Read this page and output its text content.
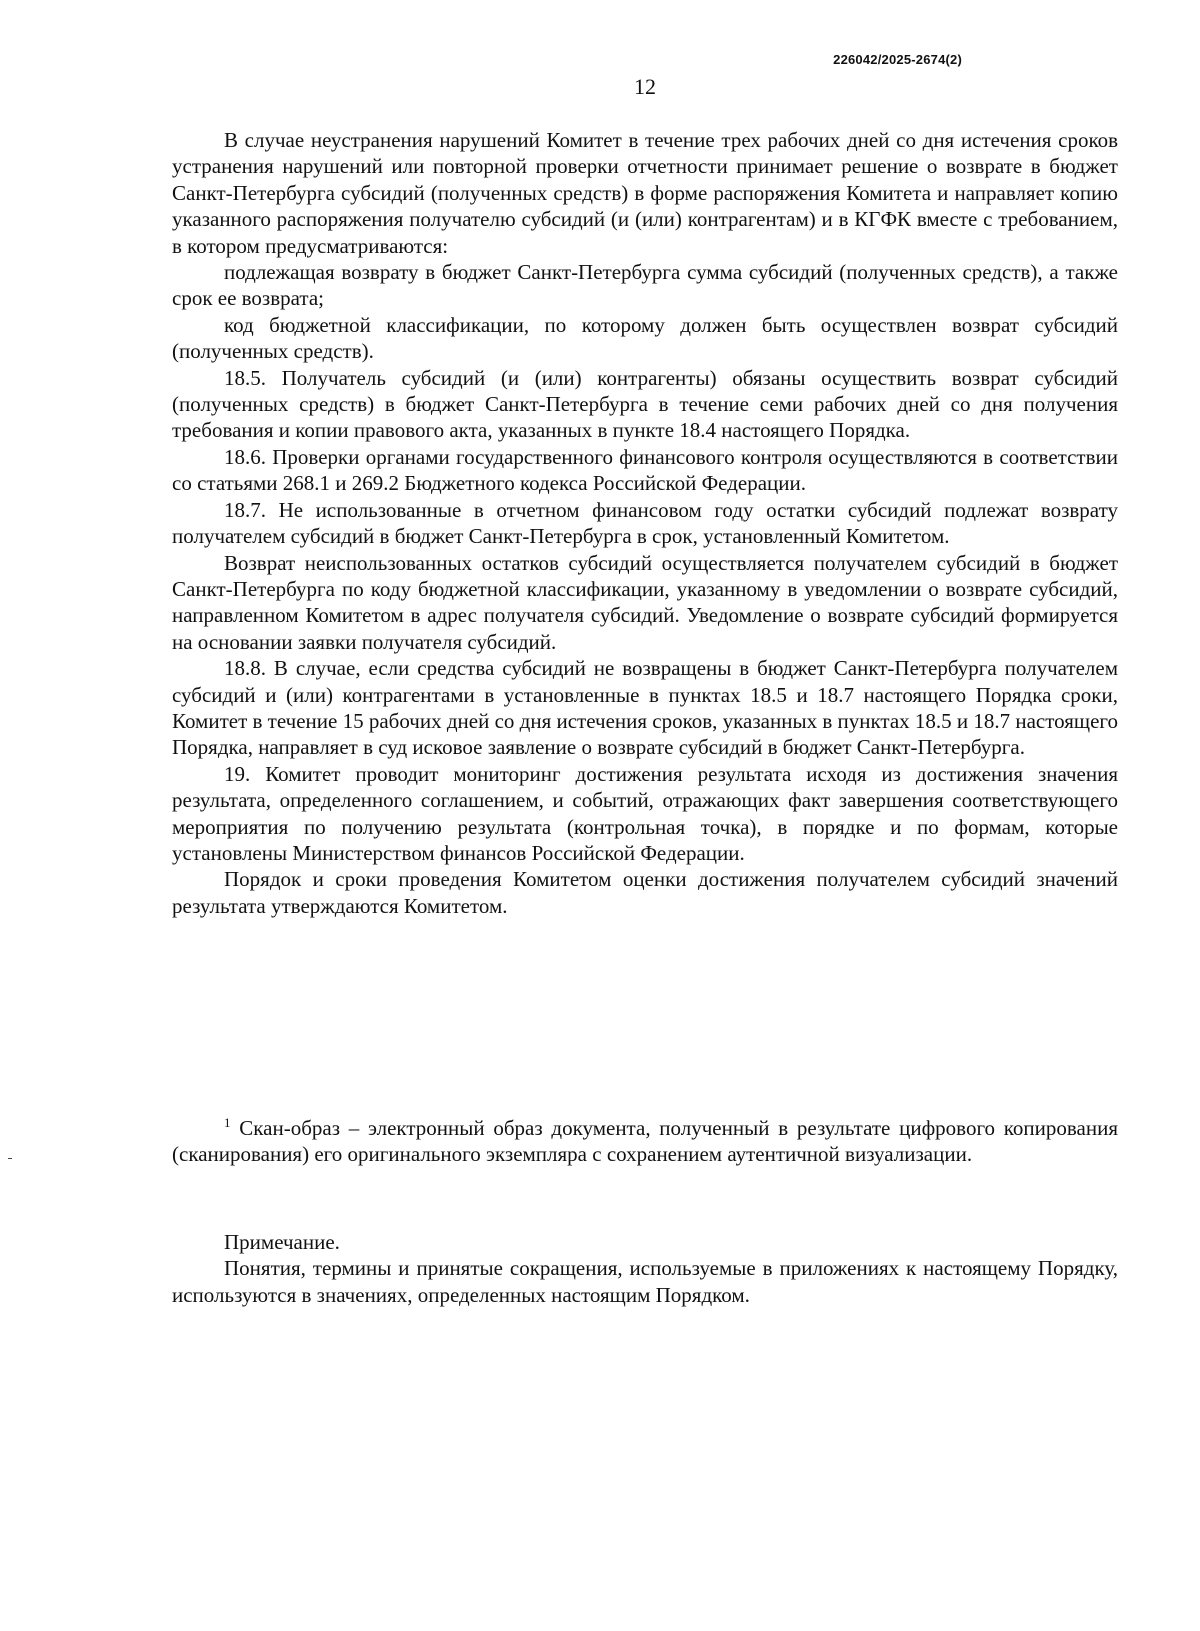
226042/2025-2674(2)
12

В случае неустранения нарушений Комитет в течение трех рабочих дней со дня истечения сроков устранения нарушений или повторной проверки отчетности принимает решение о возврате в бюджет Санкт-Петербурга субсидий (полученных средств) в форме распоряжения Комитета и направляет копию указанного распоряжения получателю субсидий (и (или) контрагентам) и в КГФК вместе с требованием, в котором предусматриваются:

подлежащая возврату в бюджет Санкт-Петербурга сумма субсидий (полученных средств), а также срок ее возврата;

код бюджетной классификации, по которому должен быть осуществлен возврат субсидий (полученных средств).

18.5. Получатель субсидий (и (или) контрагенты) обязаны осуществить возврат субсидий (полученных средств) в бюджет Санкт-Петербурга в течение семи рабочих дней со дня получения требования и копии правового акта, указанных в пункте 18.4 настоящего Порядка.

18.6. Проверки органами государственного финансового контроля осуществляются в соответствии со статьями 268.1 и 269.2 Бюджетного кодекса Российской Федерации.

18.7. Не использованные в отчетном финансовом году остатки субсидий подлежат возврату получателем субсидий в бюджет Санкт-Петербурга в срок, установленный Комитетом.

Возврат неиспользованных остатков субсидий осуществляется получателем субсидий в бюджет Санкт-Петербурга по коду бюджетной классификации, указанному в уведомлении о возврате субсидий, направленном Комитетом в адрес получателя субсидий. Уведомление о возврате субсидий формируется на основании заявки получателя субсидий.

18.8. В случае, если средства субсидий не возвращены в бюджет Санкт-Петербурга получателем субсидий и (или) контрагентами в установленные в пунктах 18.5 и 18.7 настоящего Порядка сроки, Комитет в течение 15 рабочих дней со дня истечения сроков, указанных в пунктах 18.5 и 18.7 настоящего Порядка, направляет в суд исковое заявление о возврате субсидий в бюджет Санкт-Петербурга.

19. Комитет проводит мониторинг достижения результата исходя из достижения значения результата, определенного соглашением, и событий, отражающих факт завершения соответствующего мероприятия по получению результата (контрольная точка), в порядке и по формам, которые установлены Министерством финансов Российской Федерации.

Порядок и сроки проведения Комитетом оценки достижения получателем субсидий значений результата утверждаются Комитетом.

$^1$ Скан-образ – электронный образ документа, полученный в результате цифрового копирования (сканирования) его оригинального экземпляра с сохранением аутентичной визуализации.

Примечание.

Понятия, термины и принятые сокращения, используемые в приложениях к настоящему Порядку, используются в значениях, определенных настоящим Порядком.
